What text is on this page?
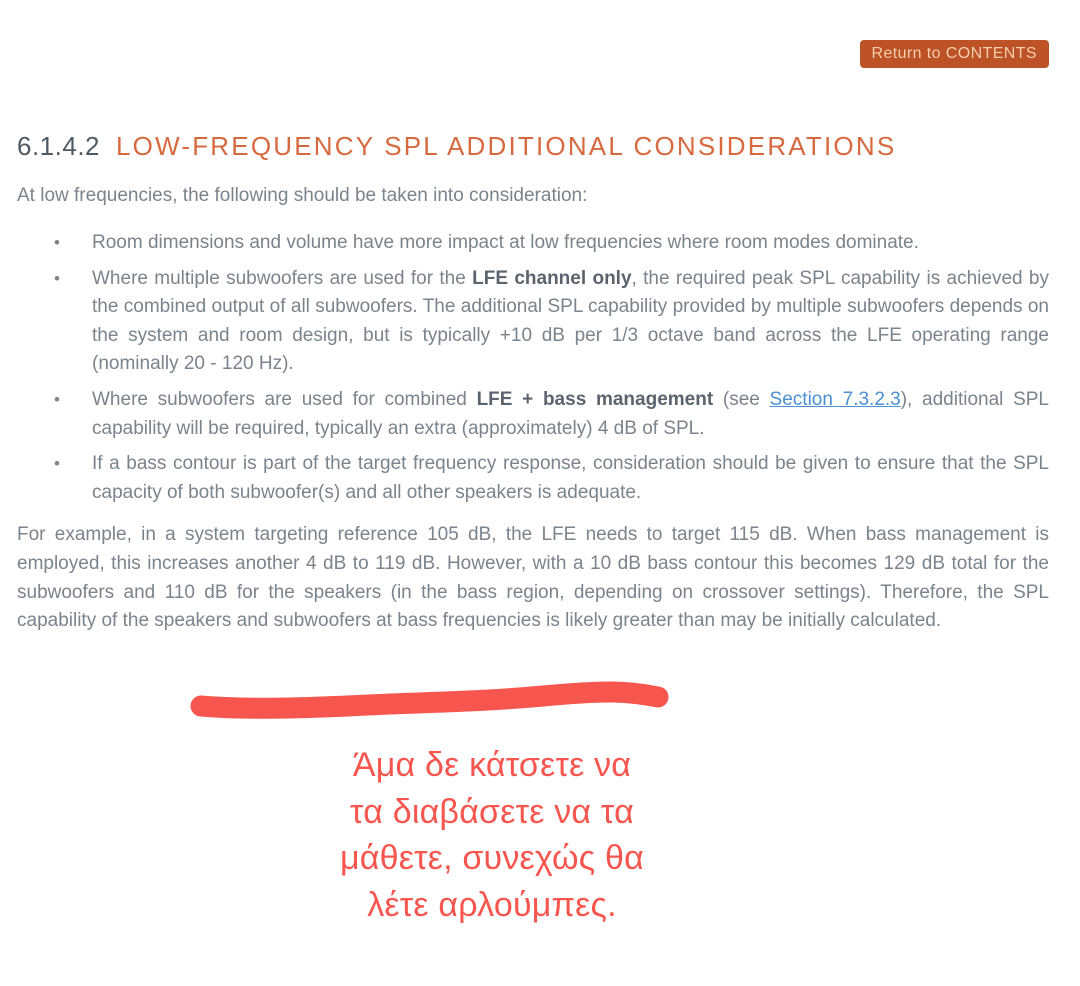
Return to CONTENTS
6.1.4.2 LOW-FREQUENCY SPL ADDITIONAL CONSIDERATIONS

At low frequencies, the following should be taken into consideration:

• Room dimensions and volume have more impact at low frequencies where room modes dominate.
• Where multiple subwoofers are used for the LFE channel only, the required peak SPL capability is achieved by the combined output of all subwoofers. The additional SPL capability provided by multiple subwoofers depends on the system and room design, but is typically +10 dB per 1/3 octave band across the LFE operating range (nominally 20 - 120 Hz).
• Where subwoofers are used for combined LFE + bass management (see Section 7.3.2.3), additional SPL capability will be required, typically an extra (approximately) 4 dB of SPL.
• If a bass contour is part of the target frequency response, consideration should be given to ensure that the SPL capacity of both subwoofer(s) and all other speakers is adequate.

For example, in a system targeting reference 105 dB, the LFE needs to target 115 dB. When bass management is employed, this increases another 4 dB to 119 dB. However, with a 10 dB bass contour this becomes 129 dB total for the subwoofers and 110 dB for the speakers (in the bass region, depending on crossover settings). Therefore, the SPL capability of the speakers and subwoofers at bass frequencies is likely greater than may be initially calculated.

Άμα δε κάτσετε να
τα διαβάσετε να τα
μάθετε, συνεχώς θα
λέτε αρλούμπες.
